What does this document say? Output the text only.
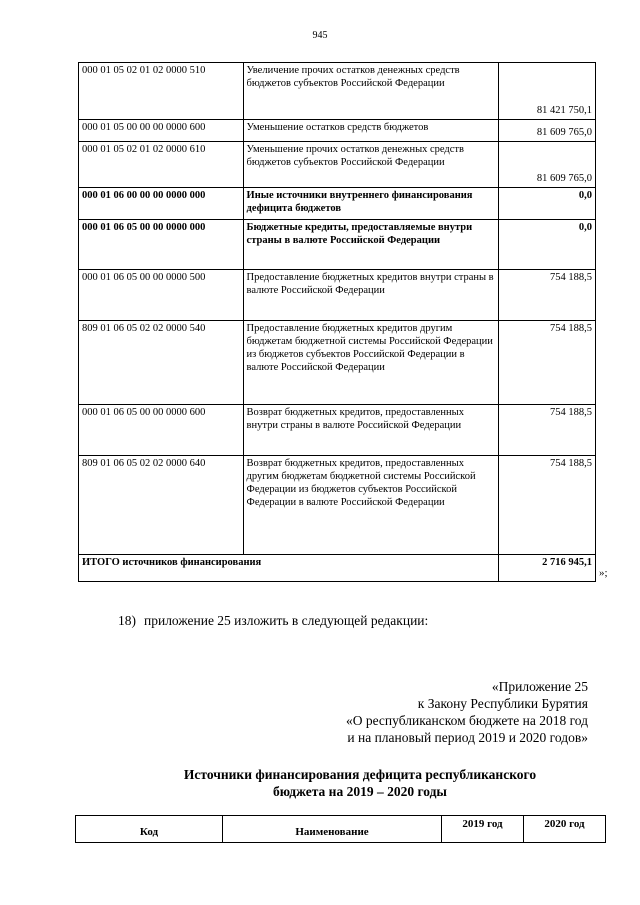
945
000 01 05 02 01 02 0000 510	Увеличение прочих остатков денежных средств бюджетов субъектов Российской Федерации	81 421 750,1
000 01 05 00 00 00 0000 600	Уменьшение остатков средств бюджетов	81 609 765,0
000 01 05 02 01 02 0000 610	Уменьшение прочих остатков денежных средств бюджетов субъектов Российской Федерации	81 609 765,0
000 01 06 00 00 00 0000 000	Иные источники внутреннего финансирования дефицита бюджетов	0,0
000 01 06 05 00 00 0000 000	Бюджетные кредиты, предоставляемые внутри страны в валюте Российской Федерации	0,0
000 01 06 05 00 00 0000 500	Предоставление бюджетных кредитов внутри страны в валюте Российской Федерации	754 188,5
809 01 06 05 02 02 0000 540	Предоставление бюджетных кредитов другим бюджетам бюджетной системы Российской Федерации из бюджетов субъектов Российской Федерации в валюте Российской Федерации	754 188,5
000 01 06 05 00 00 0000 600	Возврат бюджетных кредитов, предоставленных внутри страны в валюте Российской Федерации	754 188,5
809 01 06 05 02 02 0000 640	Возврат бюджетных кредитов, предоставленных другим бюджетам бюджетной системы Российской Федерации из бюджетов субъектов Российской Федерации в валюте Российской Федерации	754 188,5
ИТОГО источников финансирования		2 716 945,1
»;
18) приложение 25 изложить в следующей редакции:
«Приложение 25
к Закону Республики Бурятия
«О республиканском бюджете на 2018 год
и на плановый период 2019 и 2020 годов»
Источники финансирования дефицита республиканского
бюджета на 2019 – 2020 годы
Код	Наименование	2019 год	2020 год
